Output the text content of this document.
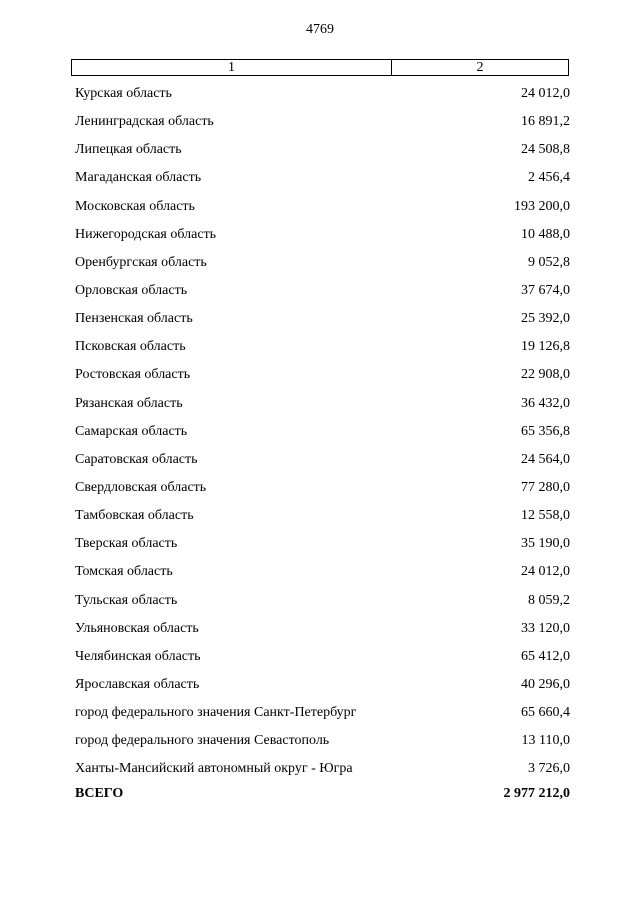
4769
1	2
Курская область	24 012,0
Ленинградская область	16 891,2
Липецкая область	24 508,8
Магаданская область	2 456,4
Московская область	193 200,0
Нижегородская область	10 488,0
Оренбургская область	9 052,8
Орловская область	37 674,0
Пензенская область	25 392,0
Псковская область	19 126,8
Ростовская область	22 908,0
Рязанская область	36 432,0
Самарская область	65 356,8
Саратовская область	24 564,0
Свердловская область	77 280,0
Тамбовская область	12 558,0
Тверская область	35 190,0
Томская область	24 012,0
Тульская область	8 059,2
Ульяновская область	33 120,0
Челябинская область	65 412,0
Ярославская область	40 296,0
город федерального значения Санкт-Петербург	65 660,4
город федерального значения Севастополь	13 110,0
Ханты-Мансийский автономный округ - Югра	3 726,0
ВСЕГО	2 977 212,0
